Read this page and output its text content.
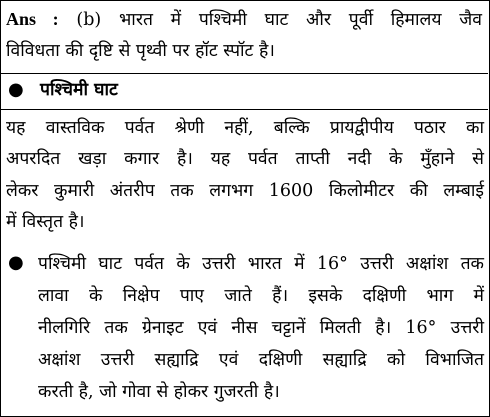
Ans : (b) भारत में पश्चिमी घाट और पूर्वी हिमालय जैव
विविधता की दृष्टि से पृथ्वी पर हॉट स्पॉट है।
● पश्चिमी घाट
यह वास्तविक पर्वत श्रेणी नहीं, बल्कि प्रायद्वीपीय पठार का
अपरदित खड़ा कगार है। यह पर्वत ताप्ती नदी के मुँहाने से
लेकर कुमारी अंतरीप तक लगभग 1600 किलोमीटर की लम्बाई
में विस्तृत है।
● पश्चिमी घाट पर्वत के उत्तरी भारत में 16° उत्तरी अक्षांश तक
लावा के निक्षेप पाए जाते हैं। इसके दक्षिणी भाग में
नीलगिरि तक ग्रेनाइट एवं नीस चट्टानें मिलती है। 16° उत्तरी
अक्षांश उत्तरी सह्याद्रि एवं दक्षिणी सह्याद्रि को विभाजित
करती है, जो गोवा से होकर गुजरती है।
